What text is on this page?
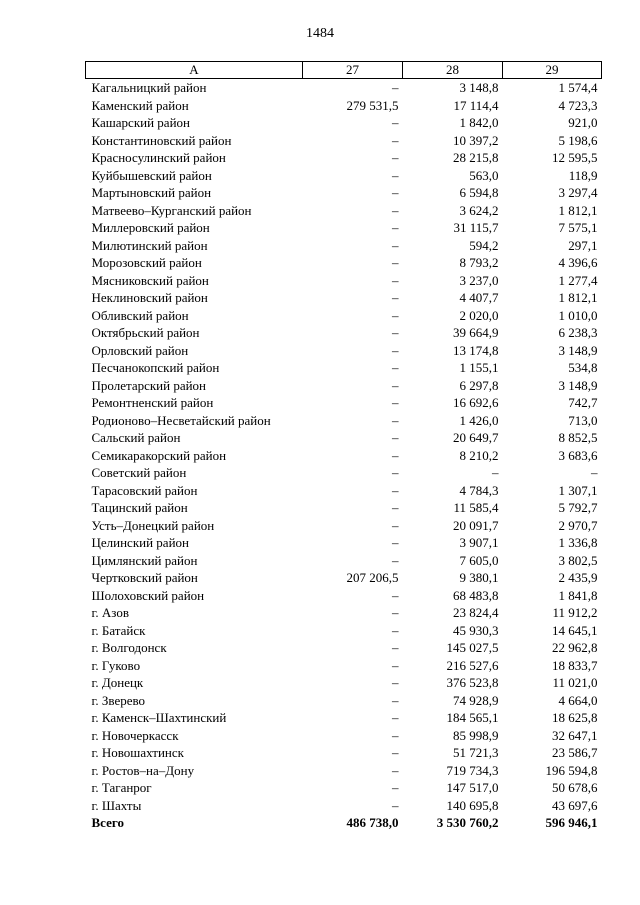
1484
А	27	28	29
Кагальницкий район	–	3 148,8	1 574,4
Каменский район	279 531,5	17 114,4	4 723,3
Кашарский район	–	1 842,0	921,0
Константиновский район	–	10 397,2	5 198,6
Красносулинский район	–	28 215,8	12 595,5
Куйбышевский район	–	563,0	118,9
Мартыновский район	–	6 594,8	3 297,4
Матвеево–Курганский район	–	3 624,2	1 812,1
Миллеровский район	–	31 115,7	7 575,1
Милютинский район	–	594,2	297,1
Морозовский район	–	8 793,2	4 396,6
Мясниковский район	–	3 237,0	1 277,4
Неклиновский район	–	4 407,7	1 812,1
Обливский район	–	2 020,0	1 010,0
Октябрьский район	–	39 664,9	6 238,3
Орловский район	–	13 174,8	3 148,9
Песчанокопский район	–	1 155,1	534,8
Пролетарский район	–	6 297,8	3 148,9
Ремонтненский район	–	16 692,6	742,7
Родионово–Несветайский район	–	1 426,0	713,0
Сальский район	–	20 649,7	8 852,5
Семикаракорский район	–	8 210,2	3 683,6
Советский район	–	–	–
Тарасовский район	–	4 784,3	1 307,1
Тацинский район	–	11 585,4	5 792,7
Усть–Донецкий район	–	20 091,7	2 970,7
Целинский район	–	3 907,1	1 336,8
Цимлянский район	–	7 605,0	3 802,5
Чертковский район	207 206,5	9 380,1	2 435,9
Шолоховский район	–	68 483,8	1 841,8
г. Азов	–	23 824,4	11 912,2
г. Батайск	–	45 930,3	14 645,1
г. Волгодонск	–	145 027,5	22 962,8
г. Гуково	–	216 527,6	18 833,7
г. Донецк	–	376 523,8	11 021,0
г. Зверево	–	74 928,9	4 664,0
г. Каменск–Шахтинский	–	184 565,1	18 625,8
г. Новочеркасск	–	85 998,9	32 647,1
г. Новошахтинск	–	51 721,3	23 586,7
г. Ростов–на–Дону	–	719 734,3	196 594,8
г. Таганрог	–	147 517,0	50 678,6
г. Шахты	–	140 695,8	43 697,6
Всего	486 738,0	3 530 760,2	596 946,1
